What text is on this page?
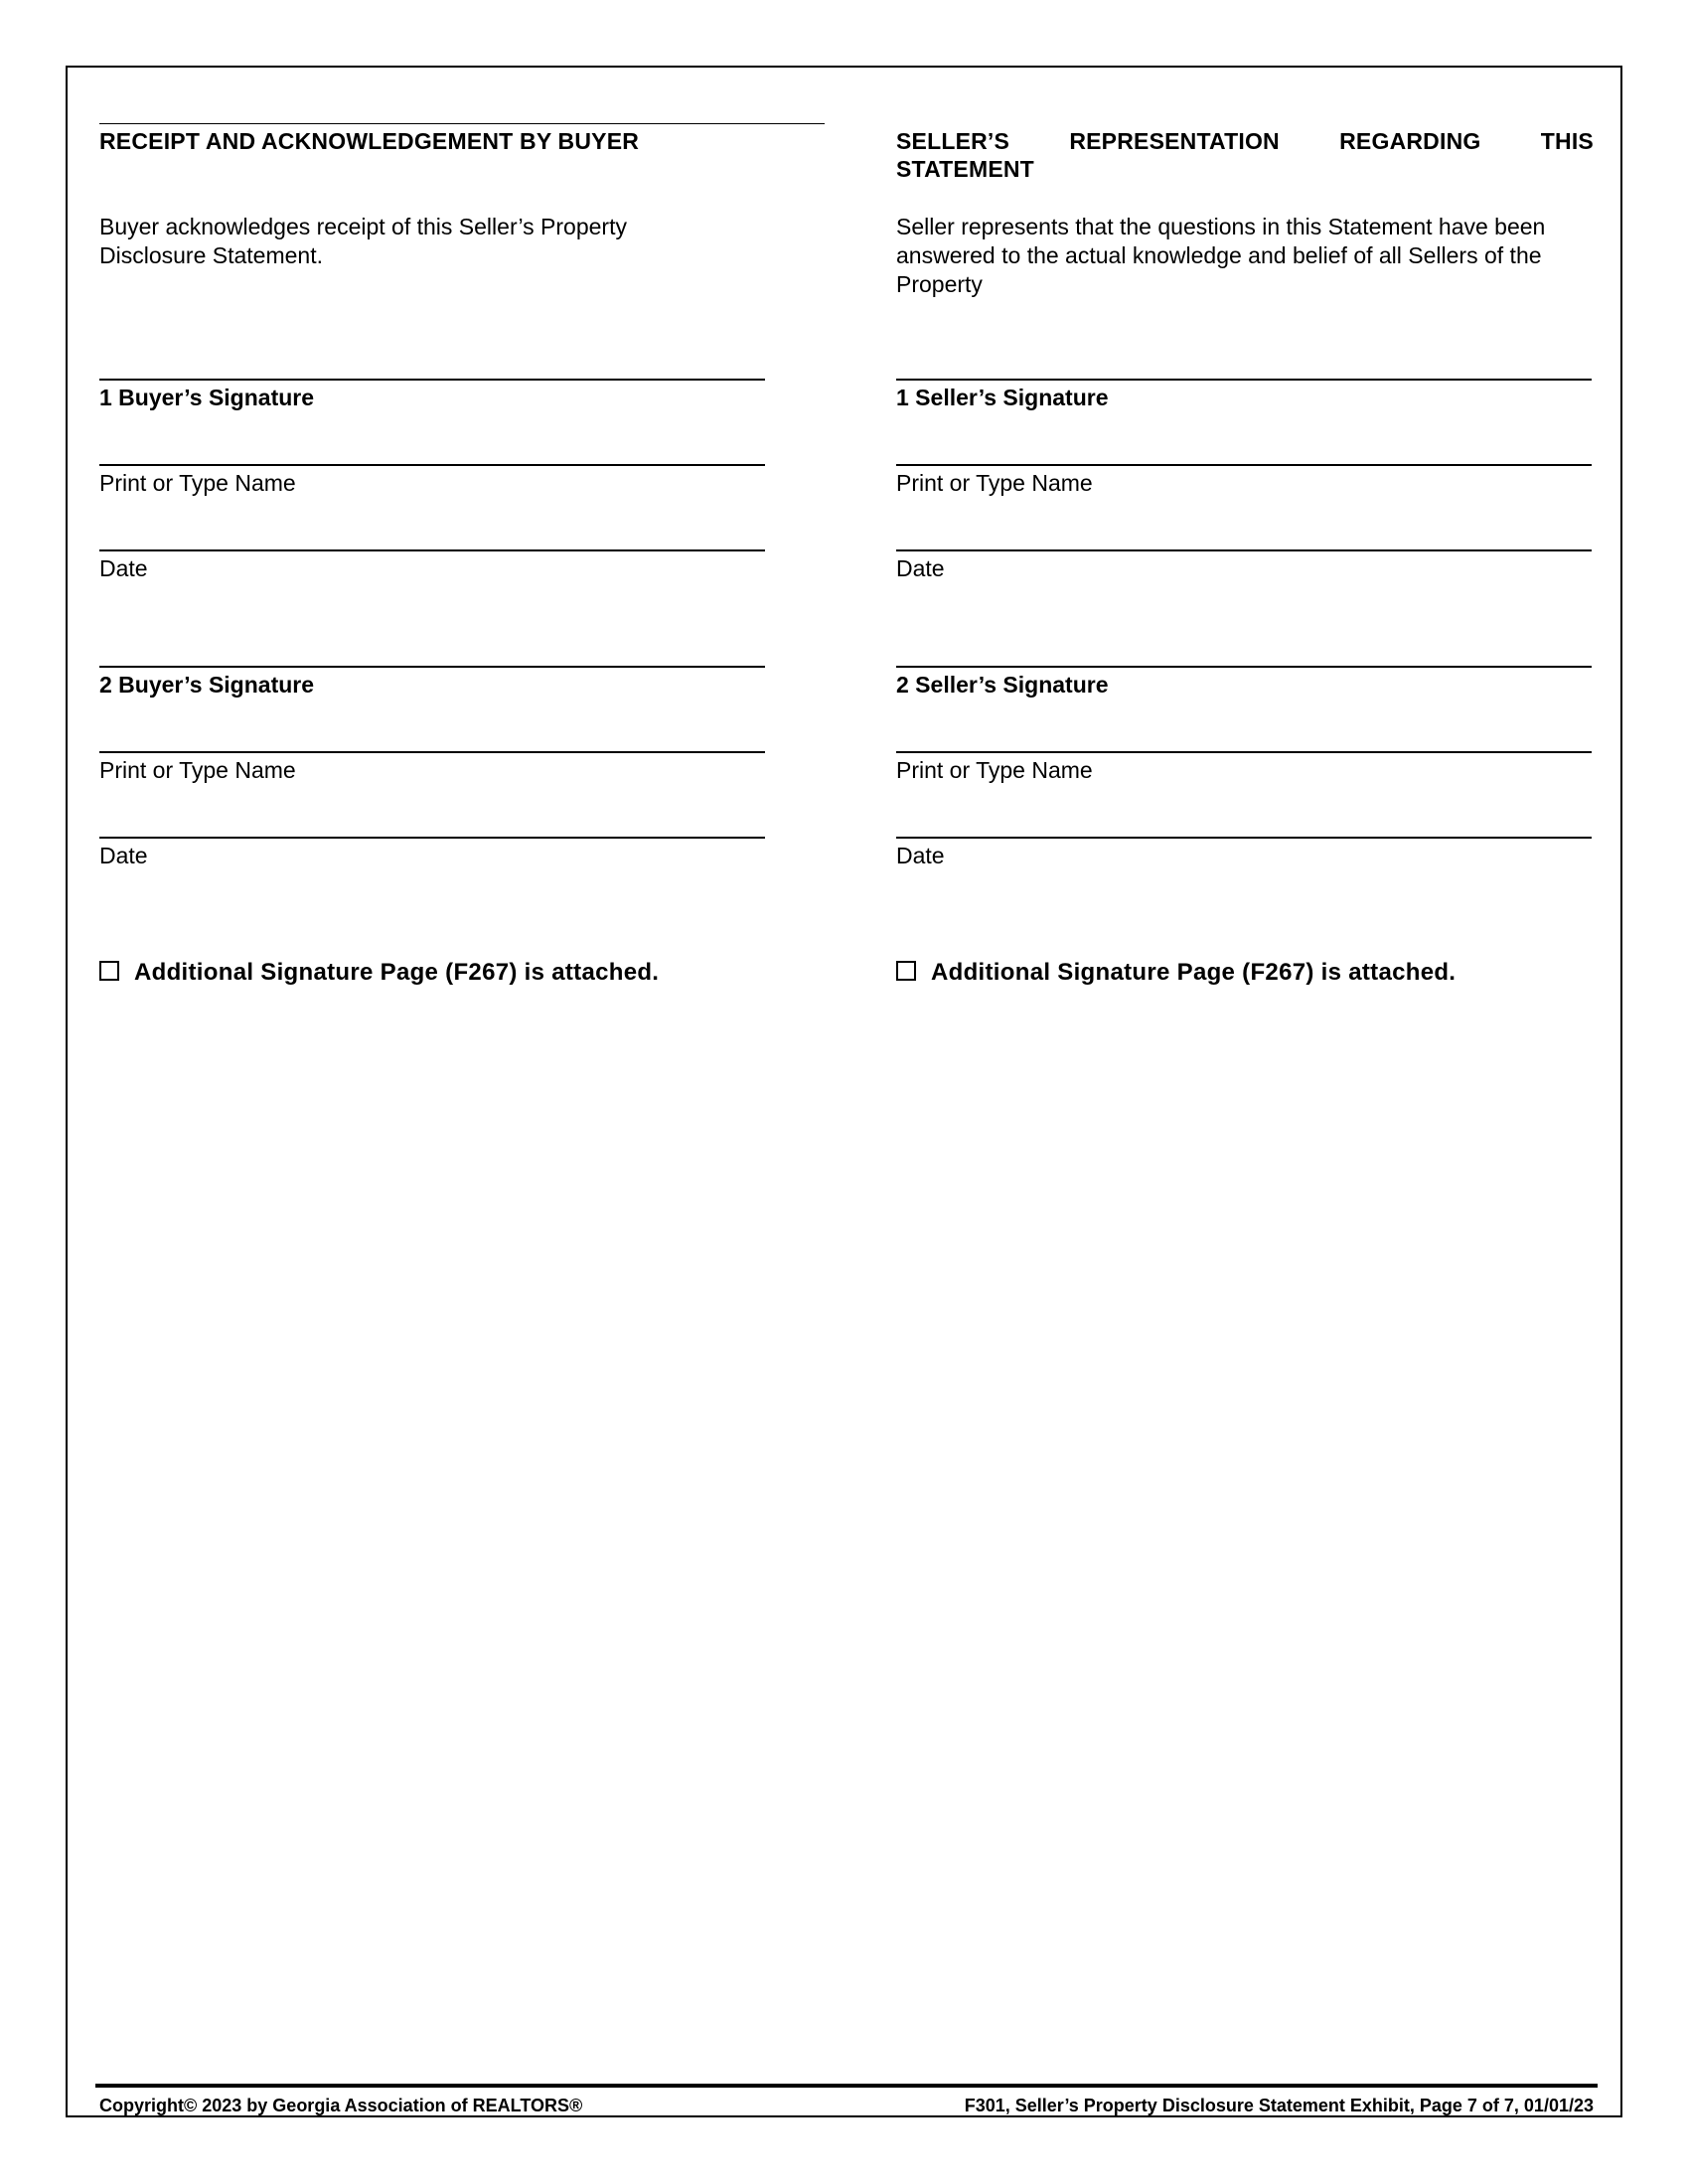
RECEIPT AND ACKNOWLEDGEMENT BY BUYER
Buyer acknowledges receipt of this Seller’s Property Disclosure Statement.
1 Buyer’s Signature
Print or Type Name
Date
2 Buyer’s Signature
Print or Type Name
Date
Additional Signature Page (F267) is attached.
SELLER’S	REPRESENTATION	REGARDING	THIS
STATEMENT
Seller represents that the questions in this Statement have been answered to the actual knowledge and belief of all Sellers of the Property
1 Seller’s Signature
Print or Type Name
Date
2 Seller’s Signature
Print or Type Name
Date
Additional Signature Page (F267) is attached.
Copyright© 2023 by Georgia Association of REALTORS®	F301, Seller’s Property Disclosure Statement Exhibit, Page 7 of 7, 01/01/23
